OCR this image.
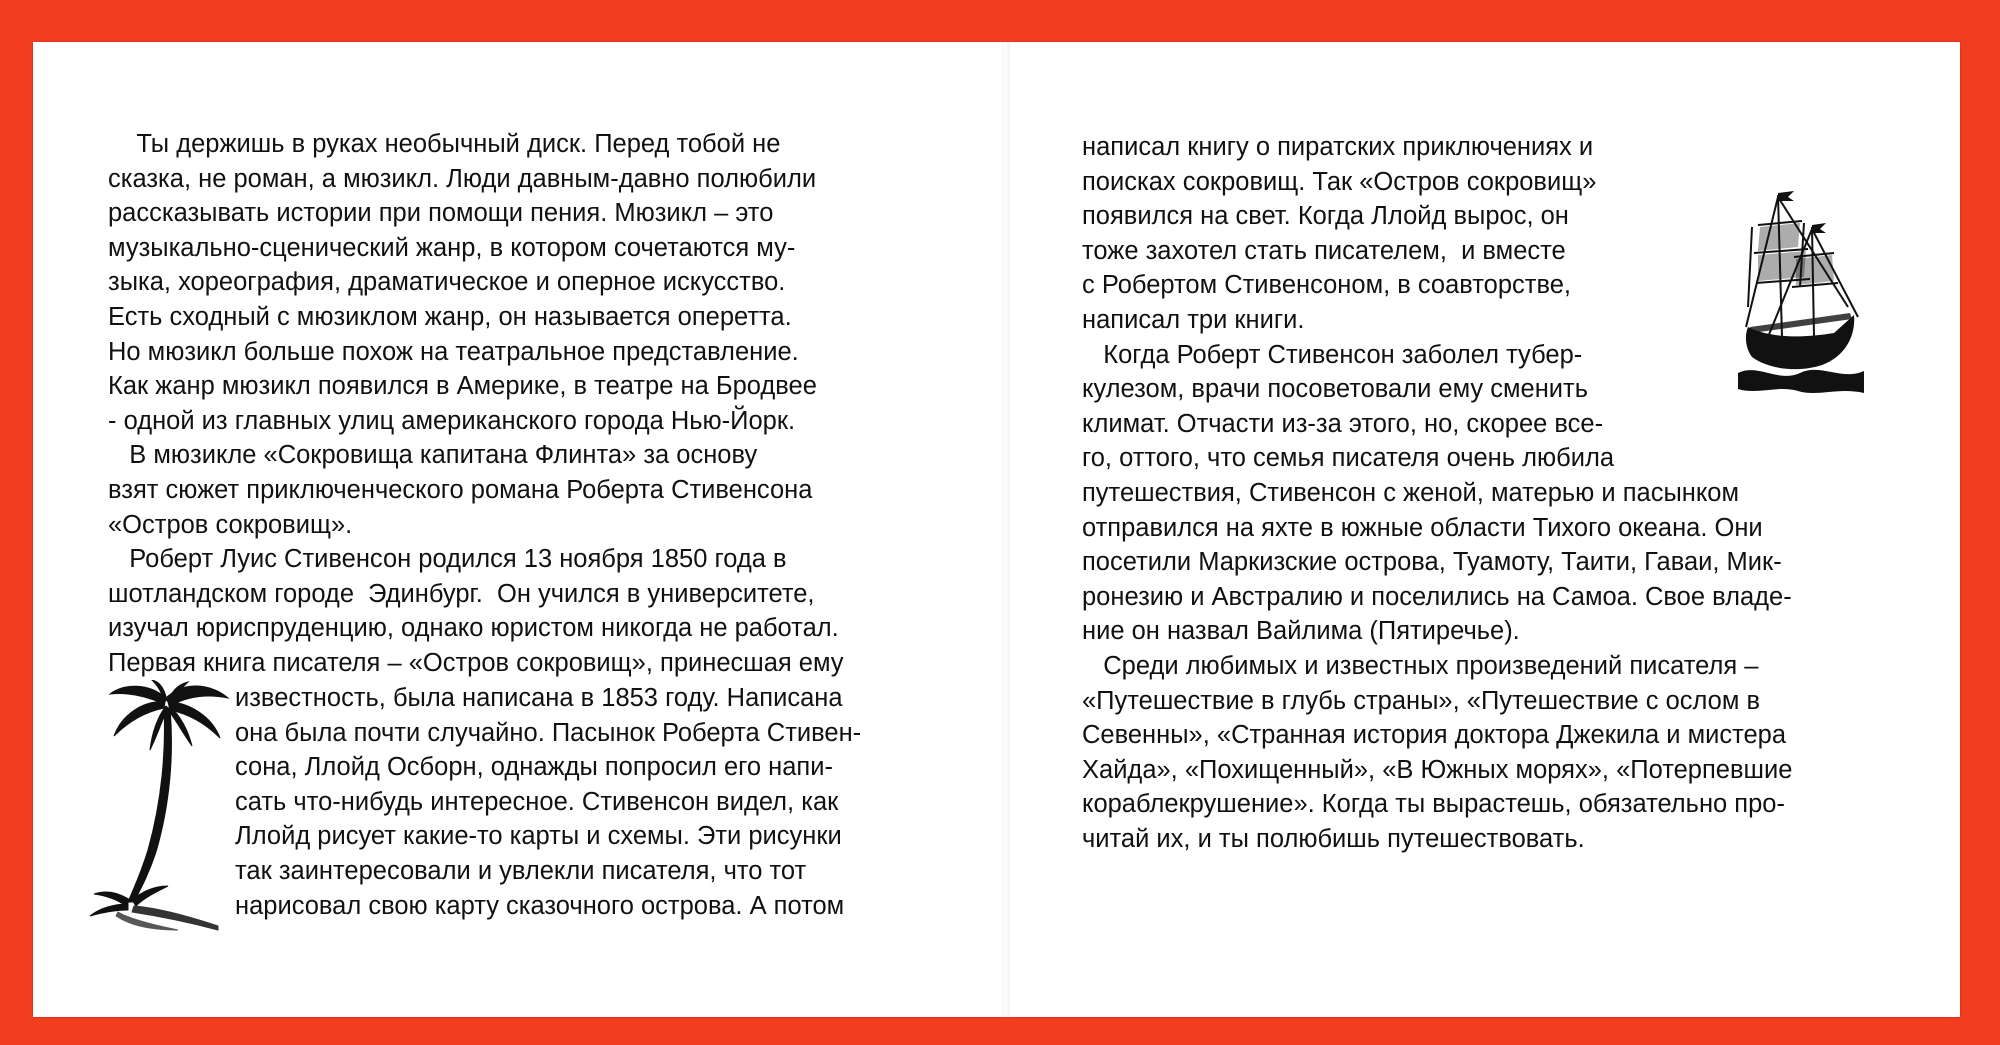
Ты держишь в руках необычный диск. Перед тобой не
сказка, не роман, а мюзикл. Люди давным-давно полюбили
рассказывать истории при помощи пения. Мюзикл – это
музыкально-сценический жанр, в котором сочетаются му-
зыка, хореография, драматическое и оперное искусство.
Есть сходный с мюзиклом жанр, он называется оперетта.
Но мюзикл больше похож на театральное представление.
Как жанр мюзикл появился в Америке, в театре на Бродвее
- одной из главных улиц американского города Нью-Йорк.
В мюзикле «Сокровища капитана Флинта» за основу
взят сюжет приключенческого романа Роберта Стивенсона
«Остров сокровищ».
Роберт Луис Стивенсон родился 13 ноября 1850 года в
шотландском городе  Эдинбург.  Он учился в университете,
изучал юриспруденцию, однако юристом никогда не работал.
Первая книга писателя – «Остров сокровищ», принесшая ему
известность, была написана в 1853 году. Написана
она была почти случайно. Пасынок Роберта Стивен-
сона, Ллойд Осборн, однажды попросил его напи-
сать что-нибудь интересное. Стивенсон видел, как
Ллойд рисует какие-то карты и схемы. Эти рисунки
так заинтересовали и увлекли писателя, что тот
нарисовал свою карту сказочного острова. А потом
написал книгу о пиратских приключениях и
поисках сокровищ. Так «Остров сокровищ»
появился на свет. Когда Ллойд вырос, он
тоже захотел стать писателем,  и вместе
с Робертом Стивенсоном, в соавторстве,
написал три книги.
Когда Роберт Стивенсон заболел тубер-
кулезом, врачи посоветовали ему сменить
климат. Отчасти из-за этого, но, скорее все-
го, оттого, что семья писателя очень любила
путешествия, Стивенсон с женой, матерью и пасынком
отправился на яхте в южные области Тихого океана. Они
посетили Маркизские острова, Туамоту, Таити, Гаваи, Мик-
ронезию и Австралию и поселились на Самоа. Свое владе-
ние он назвал Вайлима (Пятиречье).
Среди любимых и известных произведений писателя –
«Путешествие в глубь страны», «Путешествие с ослом в
Севенны», «Странная история доктора Джекила и мистера
Хайда», «Похищенный», «В Южных морях», «Потерпевшие
кораблекрушение». Когда ты вырастешь, обязательно про-
читай их, и ты полюбишь путешествовать.
